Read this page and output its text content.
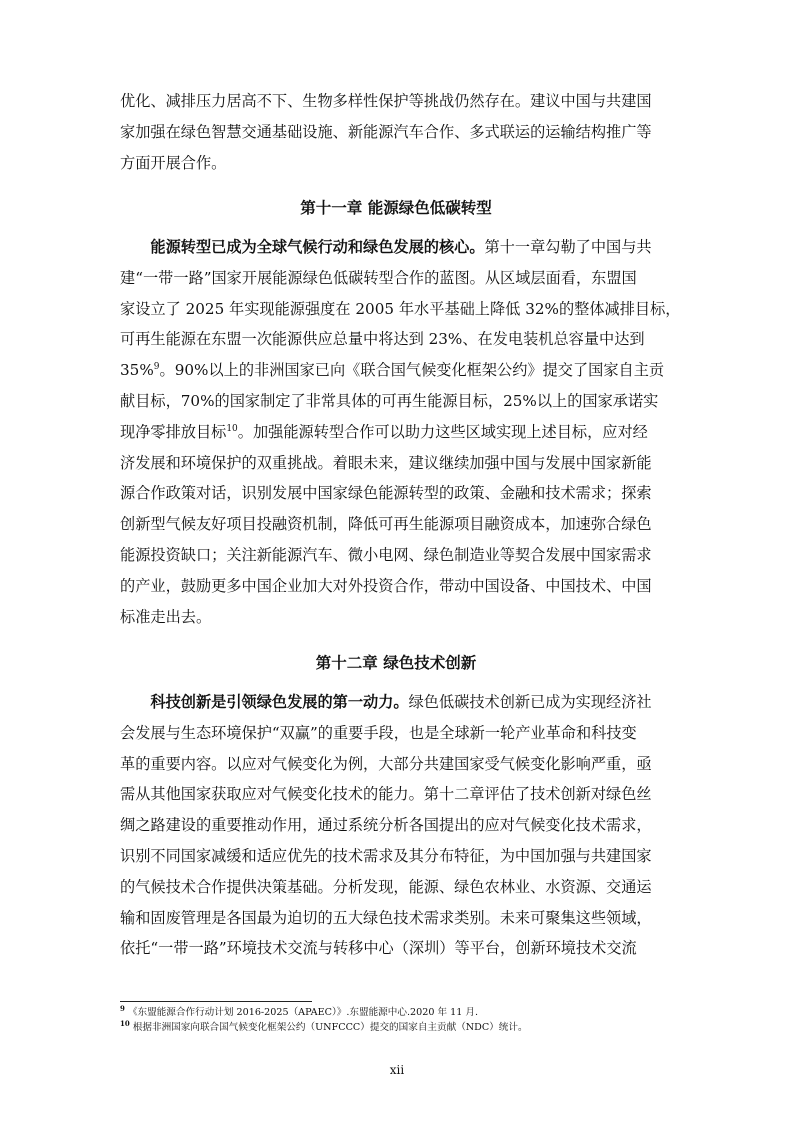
优化、减排压力居高不下、生物多样性保护等挑战仍然存在。建议中国与共建国
家加强在绿色智慧交通基础设施、新能源汽车合作、多式联运的运输结构推广等
方面开展合作。
第十一章 能源绿色低碳转型
  能源转型已成为全球气候行动和绿色发展的核心。第十一章勾勒了中国与共
建“一带一路”国家开展能源绿色低碳转型合作的蓝图。从区域层面看，东盟国
家设立了 2025 年实现能源强度在 2005 年水平基础上降低 32%的整体减排目标，
可再生能源在东盟一次能源供应总量中将达到 23%、在发电装机总容量中达到
35%$^9$。90%以上的非洲国家已向《联合国气候变化框架公约》提交了国家自主贡
献目标，70%的国家制定了非常具体的可再生能源目标，25%以上的国家承诺实
现净零排放目标$^{10}$。加强能源转型合作可以助力这些区域实现上述目标，应对经
济发展和环境保护的双重挑战。着眼未来，建议继续加强中国与发展中国家新能
源合作政策对话，识别发展中国家绿色能源转型的政策、金融和技术需求；探索
创新型气候友好项目投融资机制，降低可再生能源项目融资成本，加速弥合绿色
能源投资缺口；关注新能源汽车、微小电网、绿色制造业等契合发展中国家需求
的产业，鼓励更多中国企业加大对外投资合作，带动中国设备、中国技术、中国
标准走出去。
第十二章 绿色技术创新
  科技创新是引领绿色发展的第一动力。绿色低碳技术创新已成为实现经济社
会发展与生态环境保护“双赢”的重要手段，也是全球新一轮产业革命和科技变
革的重要内容。以应对气候变化为例，大部分共建国家受气候变化影响严重，亟
需从其他国家获取应对气候变化技术的能力。第十二章评估了技术创新对绿色丝
绸之路建设的重要推动作用，通过系统分析各国提出的应对气候变化技术需求，
识别不同国家减缓和适应优先的技术需求及其分布特征，为中国加强与共建国家
的气候技术合作提供决策基础。分析发现，能源、绿色农林业、水资源、交通运
输和固废管理是各国最为迫切的五大绿色技术需求类别。未来可聚集这些领域，
依托“一带一路”环境技术交流与转移中心（深圳）等平台，创新环境技术交流
$^9$ 《东盟能源合作行动计划 2016-2025（APAEC）》.东盟能源中心.2020 年 11 月.
$^{10}$ 根据非洲国家向联合国气候变化框架公约（UNFCCC）提交的国家自主贡献（NDC）统计。
xii
